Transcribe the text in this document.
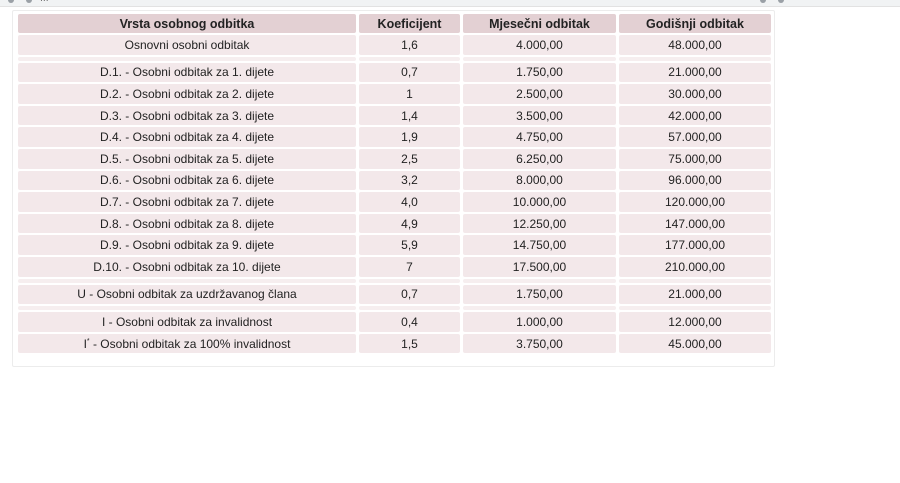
Vrsta osobnog odbitka	Koeficijent	Mjesečni odbitak	Godišnji odbitak
Osnovni osobni odbitak	1,6	4.000,00	48.000,00

D.1. - Osobni odbitak za 1. dijete	0,7	1.750,00	21.000,00
D.2. - Osobni odbitak za 2. dijete	1	2.500,00	30.000,00
D.3. - Osobni odbitak za 3. dijete	1,4	3.500,00	42.000,00
D.4. - Osobni odbitak za 4. dijete	1,9	4.750,00	57.000,00
D.5. - Osobni odbitak za 5. dijete	2,5	6.250,00	75.000,00
D.6. - Osobni odbitak za 6. dijete	3,2	8.000,00	96.000,00
D.7. - Osobni odbitak za 7. dijete	4,0	10.000,00	120.000,00
D.8. - Osobni odbitak za 8. dijete	4,9	12.250,00	147.000,00
D.9. - Osobni odbitak za 9. dijete	5,9	14.750,00	177.000,00
D.10. - Osobni odbitak za 10. dijete	7	17.500,00	210.000,00

U - Osobni odbitak za uzdržavanog člana	0,7	1.750,00	21.000,00

I - Osobni odbitak za invalidnost	0,4	1.000,00	12.000,00
I* - Osobni odbitak za 100% invalidnost	1,5	3.750,00	45.000,00
